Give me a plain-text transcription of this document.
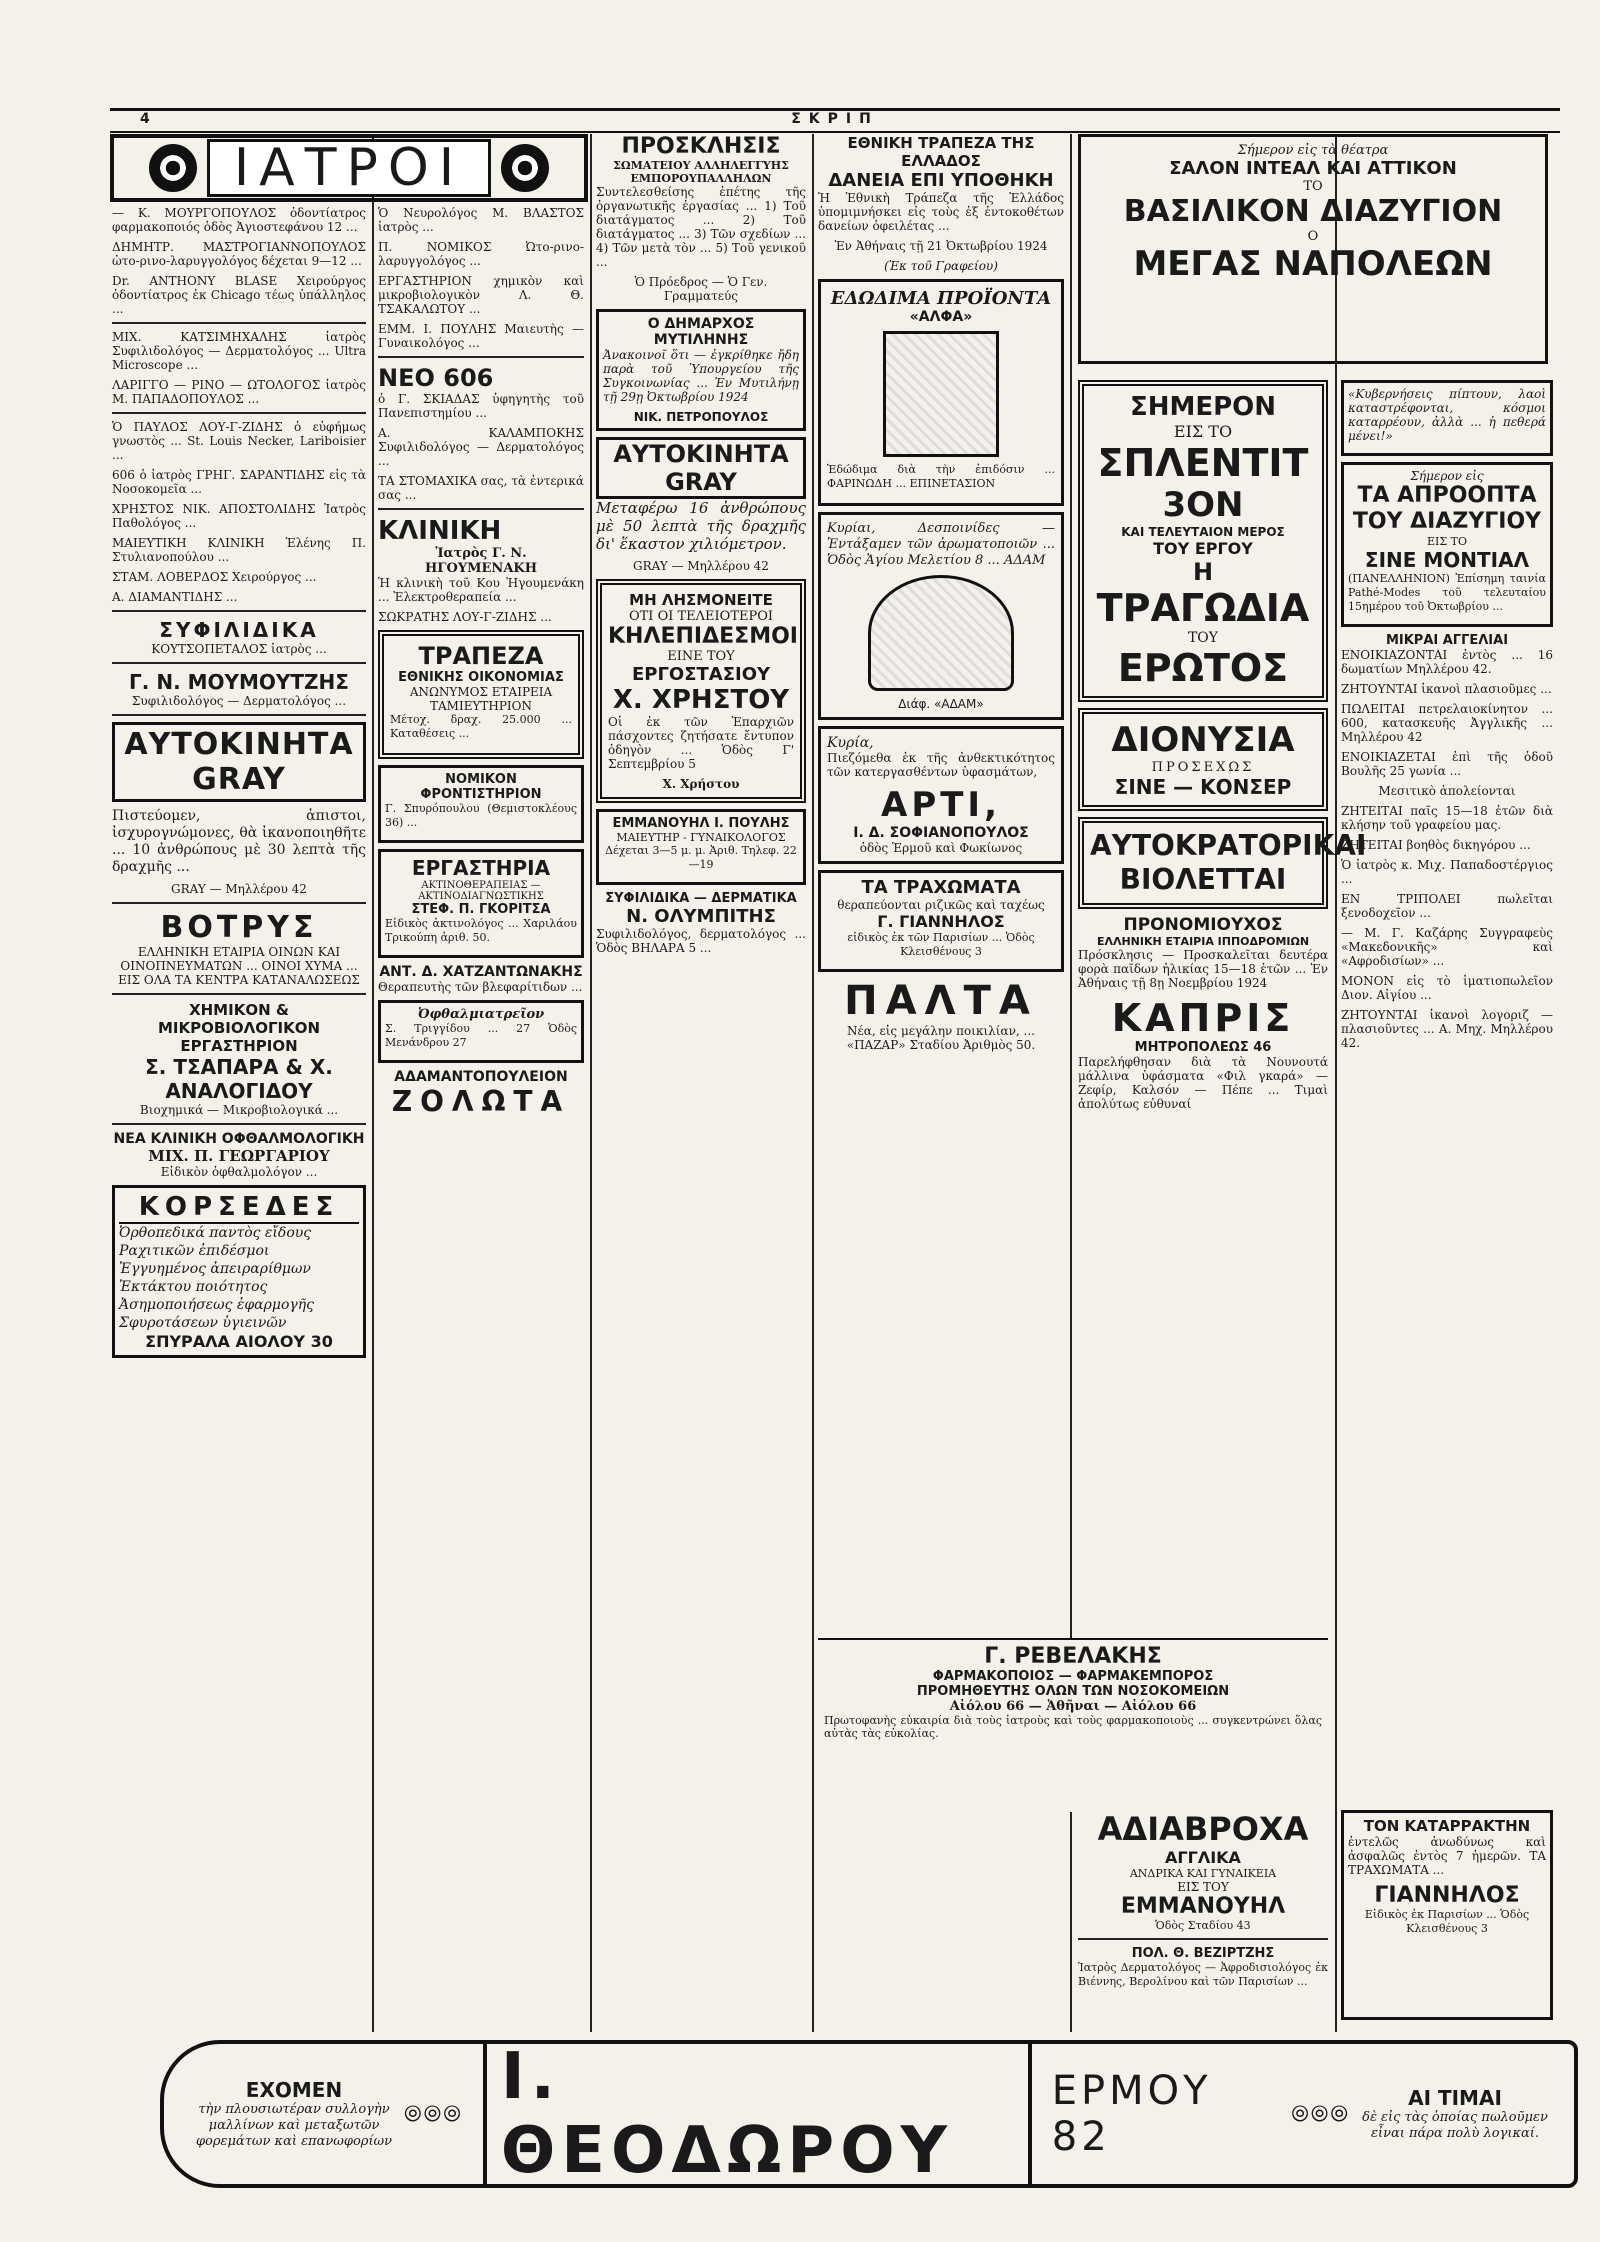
4	ΣΚΡΙΠ
ΙΑΤΡΟΙ

— Κ. ΜΟΥΡΓΟΠΟΥΛΟΣ ὀδοντίατρος φαρμακοποιός ὁδὸς Ἀγιοστεφάνου 12 ...

ΔΗΜΗΤΡ. ΜΑΣΤΡΟΓΙΑΝΝΟΠΟΥΛΟΣ ὠτο-ρινο-λαρυγγολόγος δέχεται 9—12 ...

Dr. ANTHONY BLASE Χειρούργος ὀδοντίατρος ἐκ Chicago τέως ὑπάλληλος ...

ΜΙΧ. ΚΑΤΣΙΜΗΧΑΛΗΣ ἰατρὸς Συφιλιδολόγος — Δερματολόγος ... Ultra Microscope ...

ΛΑΡΙΓΓΟ — ΡΙΝΟ — ΩΤΟΛΟΓΟΣ ἰατρὸς Μ. ΠΑΠΑΔΟΠΟΥΛΟΣ ...

Ὁ ΠΑΥΛΟΣ ΛΟΥ-Γ-ΖΙΔΗΣ ὁ εὐφήμως γνωστὸς ... St. Louis Necker, Lariboisier ...

606 ὁ ἰατρὸς ΓΡΗΓ. ΣΑΡΑΝΤΙΔΗΣ εἰς τὰ Νοσοκομεῖα ...

ΧΡΗΣΤΟΣ ΝΙΚ. ΑΠΟΣΤΟΛΙΔΗΣ Ἰατρὸς Παθολόγος ...

ΜΑΙΕΥΤΙΚΗ ΚΛΙΝΙΚΗ Ἑλένης Π. Στυλιανοπούλου ...

ΣΤΑΜ. ΛΟΒΕΡΔΟΣ Χειρούργος ...

Α. ΔΙΑΜΑΝΤΙΔΗΣ ...

ΣΥΦΙΛΙΔΙΚΑ

ΚΟΥΤΣΟΠΕΤΑΛΟΣ ἰατρὸς ...

Γ. Ν. ΜΟΥΜΟΥΤΖΗΣ

Συφιλιδολόγος — Δερματολόγος ...

ΑΥΤΟΚΙΝΗΤΑ GRAY

Πιστεύομεν, ἀπιστοι, ἰσχυρογνώμονες, θὰ ἰκανοποιηθῆτε ... 10 ἀνθρώπους μὲ 30 λεπτὰ τῆς δραχμῆς ...

GRAY — Μηλλέρου 42

ΒΟΤΡΥΣ

ΕΛΛΗΝΙΚΗ ΕΤΑΙΡΙΑ ΟΙΝΩΝ ΚΑΙ ΟΙΝΟΠΝΕΥΜΑΤΩΝ ... ΟΙΝΟΙ ΧΥΜΑ ... ΕΙΣ ΟΛΑ ΤΑ ΚΕΝΤΡΑ ΚΑΤΑΝΑΛΩΣΕΩΣ

ΧΗΜΙΚΟΝ & ΜΙΚΡΟΒΙΟΛΟΓΙΚΟΝ ΕΡΓΑΣΤΗΡΙΟΝ
Σ. ΤΣΑΠΑΡΑ & Χ. ΑΝΑΛΟΓΙΔΟΥ

Βιοχημικά — Μικροβιολογικά ...

ΝΕΑ ΚΛΙΝΙΚΗ ΟΦΘΑΛΜΟΛΟΓΙΚΗ
ΜΙΧ. Π. ΓΕΩΡΓΑΡΙΟΥ

Εἰδικὸν ὀφθαλμολόγον ...

ΚΟΡΣΕΔΕΣ
Ὀρθοπεδικά παντὸς εἴδους
Ραχιτικῶν ἐπιδέσμοι
Ἐγγυημένος ἀπειραρίθμων
Ἐκτάκτου ποιότητος
Ἀσημοποιήσεως ἐφαρμογῆς
Σφυροτάσεων ὑγιεινῶν
ΣΠΥΡΑΛΑ ΑΙΟΛΟΥ 30

Ὁ Νευρολόγος Μ. ΒΛΑΣΤΟΣ ἰατρὸς ...

Π. ΝΟΜΙΚΟΣ Ὠτο-ρινο-λαρυγγολόγος ...

ΕΡΓΑΣΤΗΡΙΟΝ χημικὸν καὶ μικροβιολογικὸν Λ. Θ. ΤΣΑΚΑΛΩΤΟΥ ...

ΕΜΜ. Ι. ΠΟΥΛΗΣ Μαιευτὴς — Γυναικολόγος ...

NEO 606

ὁ Γ. ΣΚΙΑΔΑΣ ὑφηγητὴς τοῦ Πανεπιστημίου ...

Α. ΚΑΛΑΜΠΟΚΗΣ Συφιλιδολόγος — Δερματολόγος ...

ΤΑ ΣΤΟΜΑΧΙΚΑ σας, τὰ ἐντερικά σας ...

ΚΛΙΝΙΚΗ
Ἰατρὸς Γ. Ν. ΗΓΟΥΜΕΝΑΚΗ

Ἡ κλινικὴ τοῦ Κου Ἡγουμενάκη ... Ἐλεκτροθεραπεία ...

ΣΩΚΡΑΤΗΣ ΛΟΥ-Γ-ΖΙΔΗΣ ...

ΤΡΑΠΕΖΑ
ΕΘΝΙΚΗΣ ΟΙΚΟΝΟΜΙΑΣ
ΑΝΩΝΥΜΟΣ ΕΤΑΙΡΕΙΑ ΤΑΜΙΕΥΤΗΡΙΟΝ

Μέτοχ. δραχ. 25.000 ... Καταθέσεις ...

ΝΟΜΙΚΟΝ ΦΡΟΝΤΙΣΤΗΡΙΟΝ

Γ. Σπυρόπουλου (Θεμιστοκλέους 36) ...

ΕΡΓΑΣΤΗΡΙΑ
ΑΚΤΙΝΟΘΕΡΑΠΕΙΑΣ — ΑΚΤΙΝΟΔΙΑΓΝΩΣΤΙΚΗΣ
ΣΤΕΦ. Π. ΓΚΟΡΙΤΣΑ

Εἰδικὸς ἀκτινολόγος ... Χαριλάου Τρικούπη ἀριθ. 50.

ΑΝΤ. Δ. ΧΑΤΖΑΝΤΩΝΑΚΗΣ

Θεραπευτὴς τῶν βλεφαρίτιδων ...

Ὀφθαλμιατρεῖον

Σ. Τριγγίδου ... 27 Ὁδὸς Μενάνδρου 27

ΑΔΑΜΑΝΤΟΠΟΥΛΕΙΟΝ
ΖΟΛΩΤΑ
ΠΡΟΣΚΛΗΣΙΣ
ΣΩΜΑΤΕΙΟΥ ΑΛΛΗΛΕΓΓΥΗΣ ΕΜΠΟΡΟΥΠΑΛΛΗΛΩΝ

Συντελεσθείσης ἐπέτης τῆς ὀργανωτικῆς ἐργασίας ... 1) Τοῦ διατάγματος ... 2) Τοῦ διατάγματος ... 3) Τῶν σχεδίων ... 4) Τῶν μετὰ τὸν ... 5) Τοῦ γενικοῦ ...

Ὁ Πρόεδρος — Ὁ Γεν. Γραμματεύς

Ο ΔΗΜΑΡΧΟΣ ΜΥΤΙΛΗΝΗΣ

Ἀνακοινοῖ ὅτι — ἐγκρίθηκε ἤδη παρὰ τοῦ Ὑπουργείου τῆς Συγκοινωνίας ... Ἐν Μυτιλήνῃ τῇ 29ῃ Ὀκτωβρίου 1924

ΝΙΚ. ΠΕΤΡΟΠΟΥΛΟΣ
ΑΥΤΟΚΙΝΗΤΑ GRAY

Μεταφέρω 16 ἀνθρώπους μὲ 50 λεπτὰ τῆς δραχμῆς δι' ἕκαστον χιλιόμετρον.

GRAY — Μηλλέρου 42

ΜΗ ΛΗΣΜΟΝΕΙΤΕ
ΟΤΙ ΟΙ ΤΕΛΕΙΟΤΕΡΟΙ
ΚΗΛΕΠΙΔΕΣΜΟΙ
ΕΙΝΕ ΤΟΥ
ΕΡΓΟΣΤΑΣΙΟΥ
Χ. ΧΡΗΣΤΟΥ

Οἱ ἐκ τῶν Ἐπαρχιῶν πάσχοντες ζητήσατε ἔντυπον ὁδηγὸν ... Ὁδὸς Γ' Σεπτεμβρίου 5

Χ. Χρήστου
ΕΜΜΑΝΟΥΗΛ Ι. ΠΟΥΛΗΣ
ΜΑΙΕΥΤΗΡ - ΓΥΝΑΙΚΟΛΟΓΟΣ

Δέχεται 3—5 μ. μ. Ἀριθ. Τηλεφ. 22—19

ΣΥΦΙΛΙΔΙΚΑ — ΔΕΡΜΑΤΙΚΑ
Ν. ΟΛΥΜΠΙΤΗΣ

Συφιλιδολόγος, δερματολόγος ... Ὁδὸς ΒΗΛΑΡΑ 5 ...

ΕΘΝΙΚΗ ΤΡΑΠΕΖΑ ΤΗΣ ΕΛΛΑΔΟΣ
ΔΑΝΕΙΑ ΕΠΙ ΥΠΟΘΗΚΗ

Ἡ Ἐθνικὴ Τράπεζα τῆς Ἑλλάδος ὑπομιμνήσκει εἰς τοὺς ἐξ ἐντοκοθέτων δανείων ὀφειλέτας ...

Ἐν Ἀθήναις τῇ 21 Ὀκτωβρίου 1924

(Ἐκ τοῦ Γραφείου)

ΕΔΩΔΙΜΑ ΠΡΟΪΟΝΤΑ
«ΑΛΦΑ»

Ἐδώδιμα διὰ τὴν ἐπιδόσιν ... ΦΑΡΙΝΩΔΗ ... ΕΠΙΝΕΤΑΣΙΟΝ

Κυρίαι, Δεσποινίδες — Ἐντάξαμεν τῶν ἀρωματοποιῶν ... Ὁδὸς Ἁγίου Μελετίου 8 ... ΑΔΑΜ

Διάφ. «ΑΔΑΜ»
Κυρία,

Πιεζόμεθα ἐκ τῆς ἀνθεκτικότητος τῶν κατεργασθέντων ὑφασμάτων,

ΑΡΤΙ,
Ι. Δ. ΣΟΦΙΑΝΟΠΟΥΛΟΣ
ὁδὸς Ἑρμοῦ καὶ Φωκίωνος
ΤΑ ΤΡΑΧΩΜΑΤΑ
θεραπεύονται ριζικῶς καὶ ταχέως
Γ. ΓΙΑΝΝΗΛΟΣ

εἰδικὸς ἐκ τῶν Παρισίων ... Ὁδὸς Κλεισθένους 3

ΠΑΛΤΑ

Νέα, εἰς μεγάλην ποικιλίαν, ... «ΠΑΖΑΡ» Σταδίου Ἀριθμὸς 50.

Γ. ΡΕΒΕΛΑΚΗΣ
ΦΑΡΜΑΚΟΠΟΙΟΣ — ΦΑΡΜΑΚΕΜΠΟΡΟΣ
ΠΡΟΜΗΘΕΥΤΗΣ ΟΛΩΝ ΤΩΝ ΝΟΣΟΚΟΜΕΙΩΝ
Αἰόλου 66 — Ἀθῆναι — Αἰόλου 66

Πρωτοφανὴς εὐκαιρία διὰ τοὺς ἰατροὺς καὶ τοὺς φαρμακοποιοὺς ... συγκεντρώνει ὅλας αὐτὰς τὰς εὐκολίας.

Σήμερον εἰς τὰ θέατρα
ΣΑΛΟΝ ΙΝΤΕΑΛ ΚΑΙ ΑΤΤΙΚΟΝ
ΤΟ
ΒΑΣΙΛΙΚΟΝ ΔΙΑΖΥΓΙΟΝ
Ο
ΜΕΓΑΣ ΝΑΠΟΛΕΩΝ
ΣΗΜΕΡΟΝ
ΕΙΣ ΤΟ
ΣΠΛΕΝΤΙΤ
3ΟΝ
ΚΑΙ ΤΕΛΕΥΤΑΙΟΝ ΜΕΡΟΣ
ΤΟΥ ΕΡΓΟΥ
Η
ΤΡΑΓΩΔΙΑ
ΤΟΥ
ΕΡΩΤΟΣ
ΔΙΟΝΥΣΙΑ
ΠΡΟΣΕΧΩΣ
ΣΙΝΕ — ΚΟΝΣΕΡ
ΑΥΤΟΚΡΑΤΟΡΙΚΑΙ ΒΙΟΛΕΤΤΑΙ
ΠΡΟΝΟΜΙΟΥΧΟΣ
ΕΛΛΗΝΙΚΗ ΕΤΑΙΡΙΑ ΙΠΠΟΔΡΟΜΙΩΝ

Πρόσκλησις — Προσκαλεῖται δευτέρα φορὰ παῖδων ἡλικίας 15—18 ἐτῶν ... Ἐν Ἀθήναις τῇ 8ῃ Νοεμβρίου 1924

ΚΑΠΡΙΣ
ΜΗΤΡΟΠΟΛΕΩΣ 46

Παρελήφθησαν διὰ τὰ Νουνουτά μάλλινα ὑφάσματα «Φιλ γκαρά» — Ζεφίρ, Καλσόν — Πέπε ... Τιμαὶ ἀπολύτως εὐθυναί

«Κυβερνήσεις πίπτουν, λαοὶ καταστρέφονται, κόσμοι καταρρέουν, ἀλλὰ ... ἡ πεθερά μένει!»

Σήμερον εἰς
ΤΑ ΑΠΡΟΟΠΤΑ ΤΟΥ ΔΙΑΖΥΓΙΟΥ
ΕΙΣ ΤΟ
ΣΙΝΕ ΜΟΝΤΙΑΛ

(ΠΑΝΕΛΛΗΝΙΟΝ) Ἐπίσημη ταινία Pathé-Modes τοῦ τελευταίου 15ημέρου τοῦ Ὀκτωβρίου ...

ΜΙΚΡΑΙ ΑΓΓΕΛΙΑΙ

ΕΝΟΙΚΙΑΖΟΝΤΑΙ ἐντὸς ... 16 δωματίων Μηλλέρου 42.

ΖΗΤΟΥΝΤΑΙ ἱκανοὶ πλασιοῦμες ...

ΠΩΛΕΙΤΑΙ πετρελαιοκίνητον ... 600, κατασκευῆς Ἀγγλικῆς ... Μηλλέρου 42

ΕΝΟΙΚΙΑΖΕΤΑΙ ἐπὶ τῆς ὁδοῦ Βουλῆς 25 γωνία ...

Μεσιτικὸ ἀπολείονται

ΖΗΤΕΙΤΑΙ παῖς 15—18 ἐτῶν διὰ κλήσην τοῦ γραφείου μας.

ΖΗΤΕΙΤΑΙ βοηθὸς δικηγόρου ...

Ὁ ἰατρὸς κ. Μιχ. Παπαδοστέργιος ...

ΕΝ ΤΡΙΠΟΛΕΙ πωλεῖται ξενοδοχεῖον ...

— Μ. Γ. Καζάρης Συγγραφεὺς «Μακεδονικῆς» καὶ «Αφροδισίων» ...

ΜΟΝΟΝ εἰς τὸ ἱματιοπωλεῖον Διον. Αἰγίου ...

ΖΗΤΟΥΝΤΑΙ ἱκανοὶ λογοριζ — πλασιοῦντες ... Α. Μηχ. Μηλλέρου 42.

ΑΔΙΑΒΡΟΧΑ
ΑΓΓΛΙΚΑ
ΑΝΔΡΙΚΑ ΚΑΙ ΓΥΝΑΙΚΕΙΑ
ΕΙΣ ΤΟΥ
ΕΜΜΑΝΟΥΗΛ
Ὁδὸς Σταδίου 43
ΠΟΛ. Θ. ΒΕΖΙΡΤΖΗΣ

Ἰατρὸς Δερματολόγος — Ἀφροδισιολόγος ἐκ Βιέννης, Βερολίνου καὶ τῶν Παρισίων ...

ΤΟΝ ΚΑΤΑΡΡΑΚΤΗΝ

ἐντελῶς ἀνωδύνως καὶ ἀσφαλῶς ἐντὸς 7 ἡμερῶν. ΤΑ ΤΡΑΧΩΜΑΤΑ ...

ΓΙΑΝΝΗΛΟΣ

Εἰδικὸς ἐκ Παρισίων ... Ὁδὸς Κλεισθένους 3

ΕΧΟΜΕΝ
τὴν πλουσιωτέραν συλλογὴν μαλλίνων καὶ μεταξωτῶν φορεμάτων καὶ επανωφορίων
⦾⦾⦾ Ι. ΘΕΟΔΩΡΟΥ
ΕΡΜΟΥ 82	⦾⦾⦾
ΑΙ ΤΙΜΑΙ
δὲ εἰς τὰς ὁποίας πωλοῦμεν εἶναι πάρα πολὺ λογικαί.
